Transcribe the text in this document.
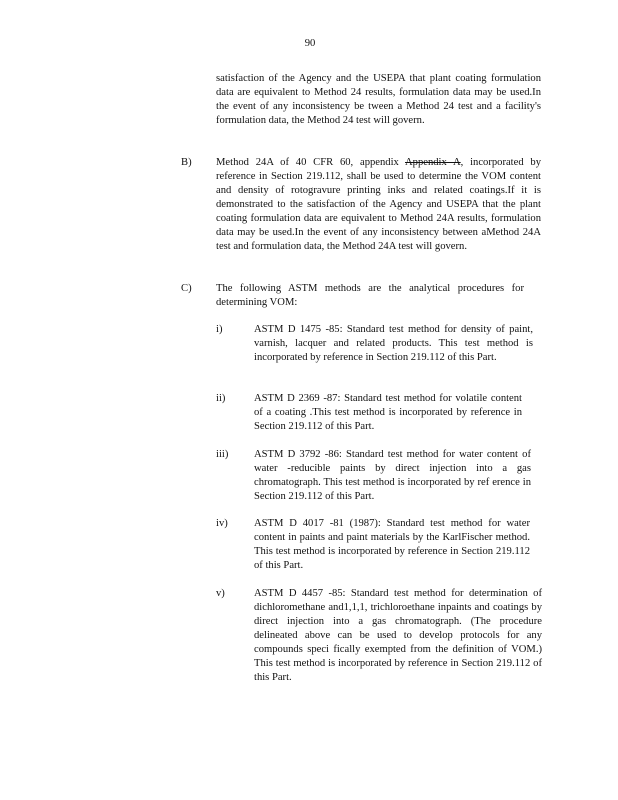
90
satisfaction of the Agency and the USEPA that plant coating formulation data are equivalent to Method 24 results, formulation data may be used.In the event of any inconsistency be tween a Method 24 test and a facility's formulation data, the Method 24 test will govern.
B) Method 24A of 40 CFR 60, appendix Appendix A, incorporated by reference in Section 219.112, shall be used to determine the VOM content and density of rotogravure printing inks and related coatings.If it is demonstrated to the satisfaction of the Agency and USEPA that the plant coating formulation data are equivalent to Method 24A results, formulation data may be used.In the event of any inconsistency between aMethod 24A test and formulation data, the Method 24A test will govern.
C) The following ASTM methods are the analytical procedures for determining VOM:
i)	ASTM D 1475 -85: Standard test method for density of paint, varnish, lacquer and related products. This test method is incorporated by reference in Section 219.112 of this Part.
ii)	ASTM D 2369 -87: Standard test method for volatile content of a coating .This test method is incorporated by reference in Section 219.112 of this Part.
iii) ASTM D 3792 -86: Standard test method for water content of water -reducible paints by direct injection into a gas chromatograph. This test method is incorporated by ref erence in Section 219.112 of this Part.
iv) ASTM D 4017 -81 (1987): Standard test method for water content in paints and paint materials by the KarlFischer method. This test method is incorporated by reference in Section 219.112 of this Part.
v)	ASTM D 4457 -85: Standard test method for determination of dichloromethane and1,1,1, trichloroethane inpaints and coatings by direct injection into a gas chromatograph. (The procedure delineated above can be used to develop protocols for any compounds speci fically exempted from the definition of VOM.) This test method is incorporated by reference in Section 219.112 of this Part.
